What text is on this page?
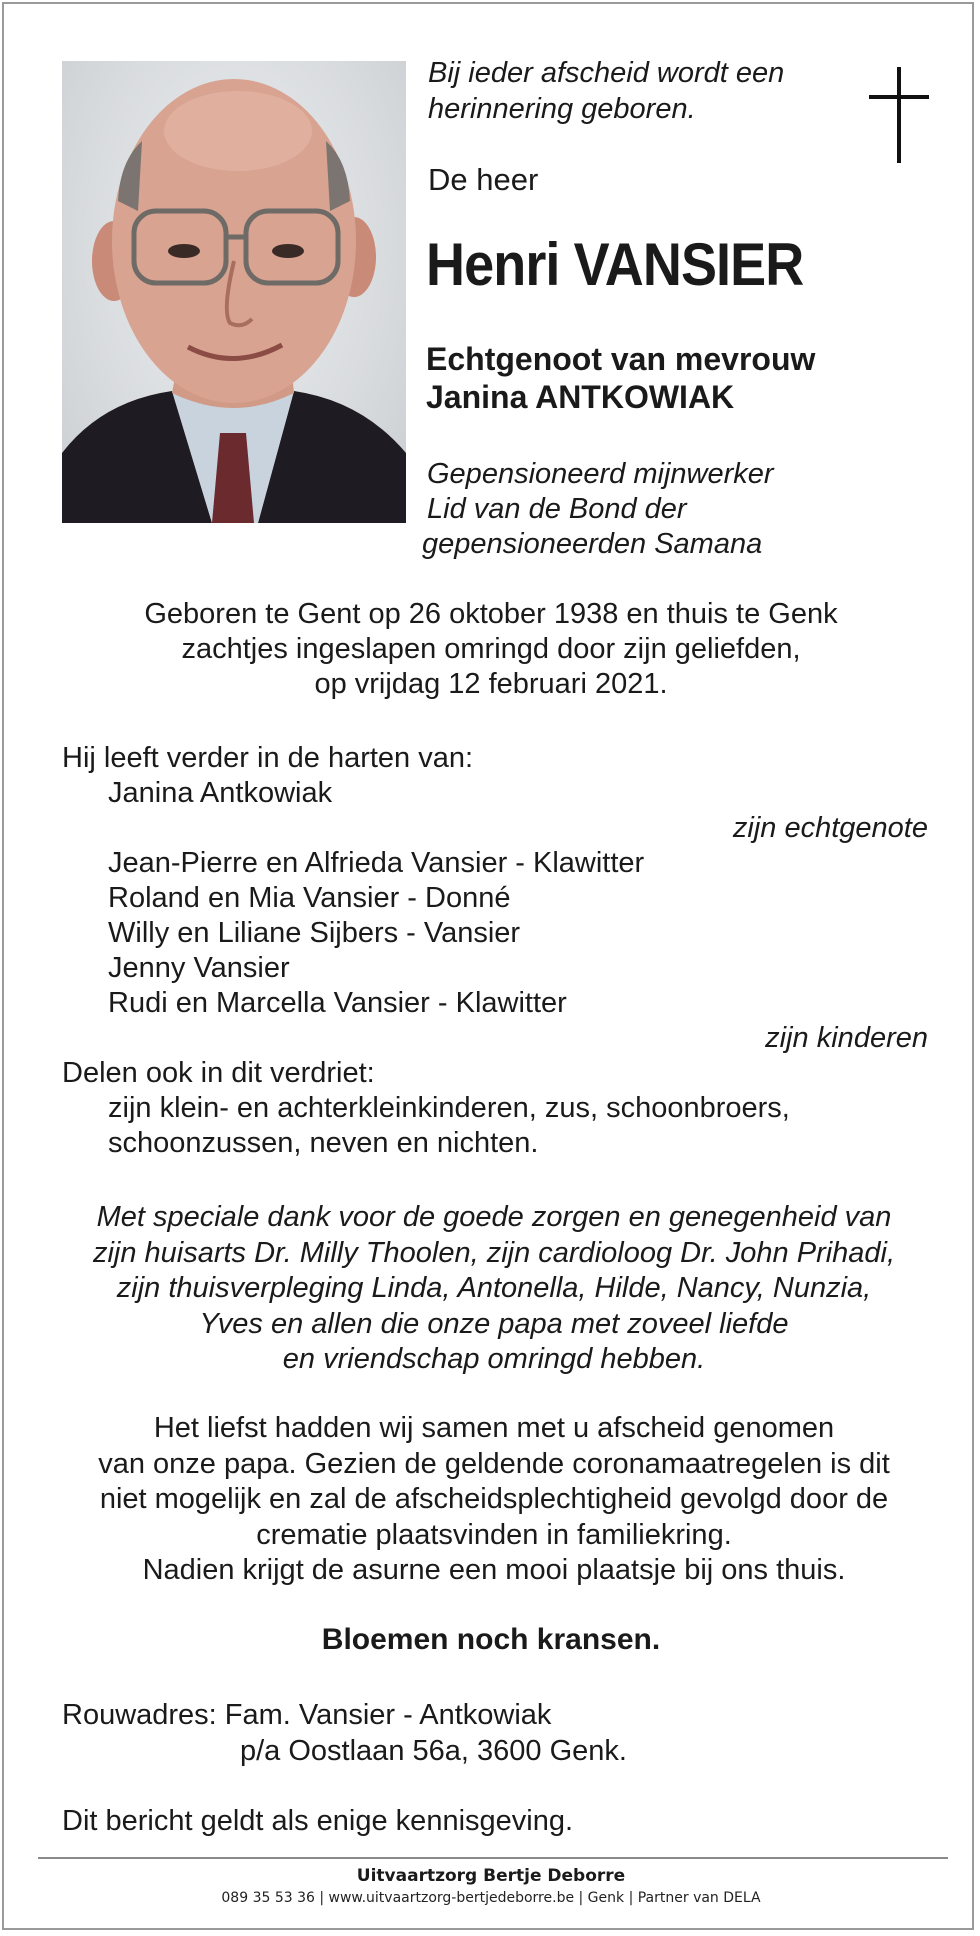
Bij ieder afscheid wordt een
herinnering geboren.
De heer
Henri VANSIER
Echtgenoot van mevrouw
Janina ANTKOWIAK
Gepensioneerd mijnwerker
Lid van de Bond der
gepensioneerden Samana
Geboren te Gent op 26 oktober 1938 en thuis te Genk
zachtjes ingeslapen omringd door zijn geliefden,
op vrijdag 12 februari 2021.
Hij leeft verder in de harten van:
Janina Antkowiak
zijn echtgenote
Jean-Pierre en Alfrieda Vansier - Klawitter
Roland en Mia Vansier - Donné
Willy en Liliane Sijbers - Vansier
Jenny Vansier
Rudi en Marcella Vansier - Klawitter
zijn kinderen
Delen ook in dit verdriet:
zijn klein- en achterkleinkinderen, zus, schoonbroers,
schoonzussen, neven en nichten.
Met speciale dank voor de goede zorgen en genegenheid van
zijn huisarts Dr. Milly Thoolen, zijn cardioloog Dr. John Prihadi,
zijn thuisverpleging Linda, Antonella, Hilde, Nancy, Nunzia,
Yves en allen die onze papa met zoveel liefde
en vriendschap omringd hebben.
Het liefst hadden wij samen met u afscheid genomen
van onze papa. Gezien de geldende coronamaatregelen is dit
niet mogelijk en zal de afscheidsplechtigheid gevolgd door de
crematie plaatsvinden in familiekring.
Nadien krijgt de asurne een mooi plaatsje bij ons thuis.
Bloemen noch kransen.
Rouwadres: Fam. Vansier - Antkowiak
p/a Oostlaan 56a, 3600 Genk.
Dit bericht geldt als enige kennisgeving.
Uitvaartzorg Bertje Deborre
089 35 53 36 | www.uitvaartzorg-bertjedeborre.be | Genk | Partner van DELA
